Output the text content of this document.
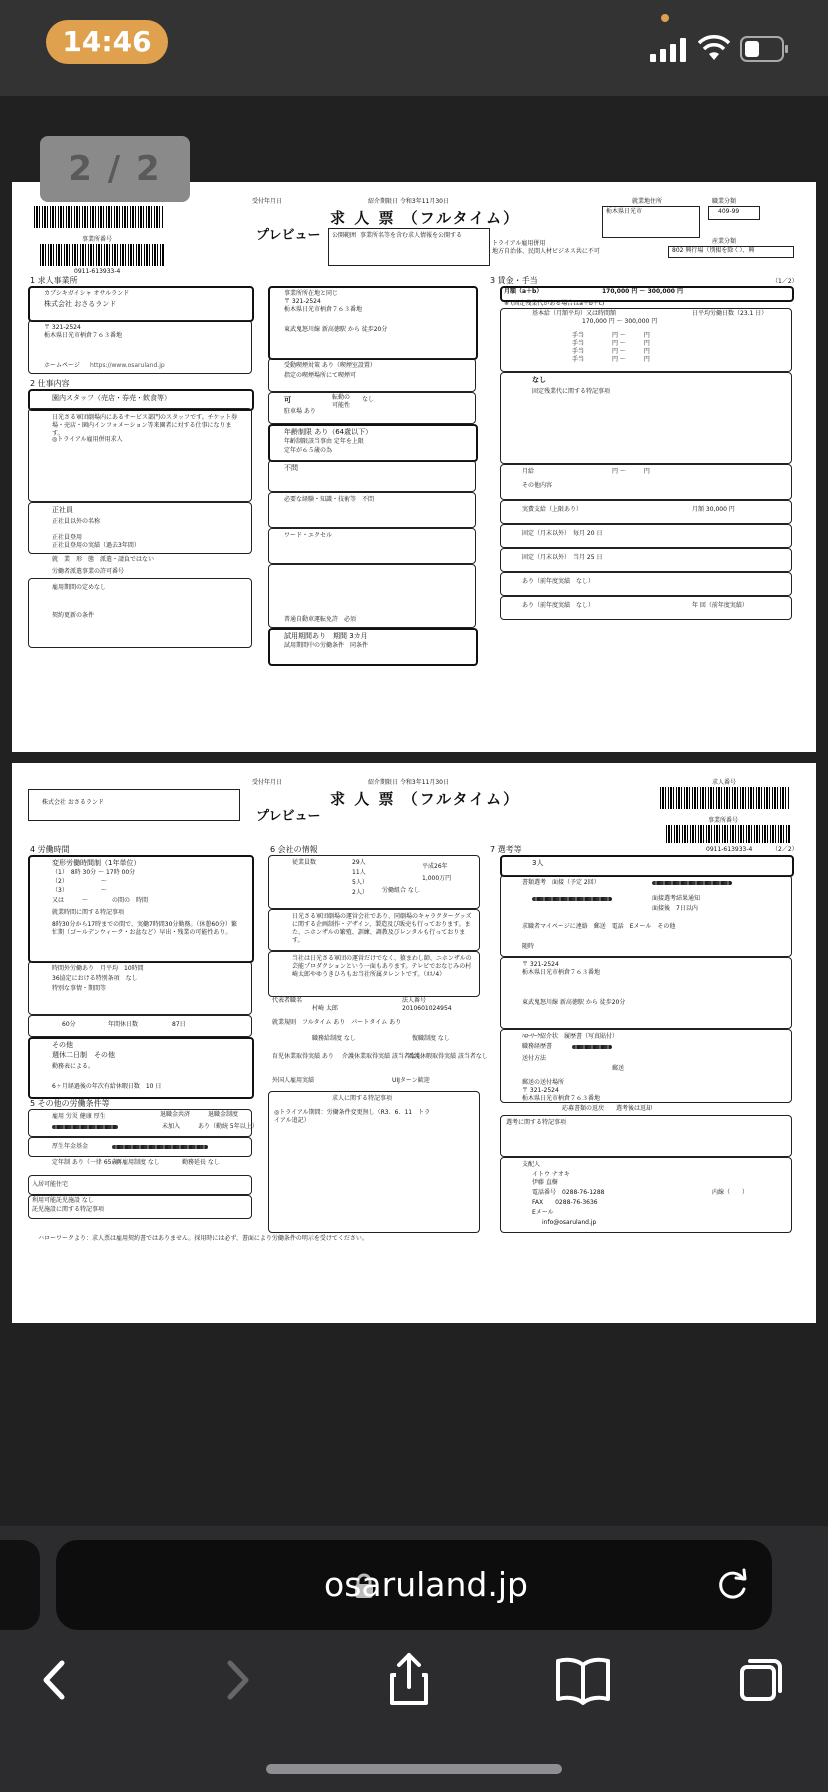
14:46
事業所番号
0911-613933-4
受付年月日	紹介期限日 令和3年11月30日
求 人 票 （フルタイム）
プレビュー 公開範囲 事業所名等を含む求人情報を公開する
トライアル雇用併用
地方自治体、民間人材ビジネス共に不可
就業地住所
栃木県日光市
職業分類
409-99
産業分類
802 興行場（別掲を除く）、興
1 求人事業所
カブシキガイシャ オサルランド
株式会社 おさるランド
〒 321-2524
栃木県日光市柄倉７６３番地
ホームページ https://www.osaruland.jp
2 仕事内容
園内スタッフ（売店・券売・飲食等）
日光さる軍団劇場内にあるサービス部門のスタッフです。チケット券場・売店・園内インフォメーション等来園者に対する仕事になります。
◎トライアル雇用併用求人
正社員
正社員以外の名称
正社員登用
正社員登用の実績（過去3年間）
就　業　形　態　派遣・請負ではない
労働者派遣事業の許可番号
雇用期間の定めなし
契約更新の条件
事業所所在地と同じ
〒 321-2524
栃木県日光市柄倉７６３番地
東武鬼怒川線 新高徳駅 から 徒歩20分
受動喫煙対策 あり（喫煙室設置）
指定の喫煙場所にて喫煙可
可
駐車場 あり
転勤の可能性
なし
年齢制限 あり（64歳以下）
年齢制限該当事由 定年を上限
定年が６５歳の為
不問
必要な経験・知識・技術等　不問
ワード・エクセル
普通自動車運転免許　必須
試用期間あり　期間 3カ月
試用期間中の労働条件　同条件
3 賃金・手当	（1／2）
月額（a＋b）	170,000 円 ～ 300,000 円
※ (固定残業代がある場合はa＋b＋c)
基本給（月額平均）又は時間額	日平均労働日数（23.1 日）
170,000 円 ～ 300,000 円
手当	円 ～　　　円
手当	円 ～　　　円
手当	円 ～　　　円
手当	円 ～　　　円
なし
固定残業代に関する特記事項
月給	円 ～　　　円
その他内容
実費支給（上限あり）	月額 30,000 円
固定（月末以外）　毎月 20 日
固定（月末以外）　当月 25 日
あり（前年度実績　なし）
あり（前年度実績　なし）	年 回（前年度実績）
株式会社 おさるランド
受付年月日	紹介期限日 令和3年11月30日
求 人 票 （フルタイム）
プレビュー
求人番号
事業所番号
0911-613933-4	（2／2）
4 労働時間
変形労働時間制（1年単位）
（1）　8時 30分 ～ 17時 00分
（2）　　　　　　～
（3）　　　　　　～
又は　　　～　　　　の間の　時間
就業時間に関する特記事項
8時30分から17時までの間で、実働7時間30分勤務。（休憩60分）繁忙期（ゴールデンウィーク・お盆など）早出・残業の可能性あり。
時間外労働あり　月平均　10時間
36協定における特別条項　なし
特別な事情・期間等
60分	年間休日数	87日
その他
週休二日制　その他
勤務表による。
6ヶ月経過後の年次有給休暇日数　10 日
5 その他の労働条件等
雇用 労災 健康 厚生	退職金共済	退職金制度
未加入	あり（勤続 5年以上）
厚生年金基金
定年制 あり（一律 65歳）
再雇用制度 なし	勤務延長 なし
入居可能住宅
利用可能託児施設 なし
託児施設に関する特記事項
6 会社の情報
従業員数	29人
11人
5人）
2人）
平成26年
1,000万円
労働組合 なし
日光さる軍団劇場の運営会社であり、同劇場のキャラクターグッズに関する企画制作・デザイン、製造及び販売も行っております。また、ニホンザルの繁殖、訓練、調教及びレンタルも行っております。
当社は日光さる軍団の運営だけでなく、猿まわし師、ニホンザルの芸能プロダクションという一面もあります。テレビでおなじみの村崎太郎やゆうきひろもお当社所属タレントです。（ﾇｽﾉ4）
代表者職名
村崎 太郎
法人番号
2010601024954
就業規則　フルタイム あり　パートタイム あり
職務給制度 なし	復職制度 なし
育児休業取得実績 あり 介護休業取得実績 該当者なし
看護休暇取得実績 該当者なし
外国人雇用実績	UIJターン歓迎
求人に関する特記事項
◎トライアル期間：労働条件変更無し（R3．6．11　トライアル追記）
7 選考等
3人
書類選考　面接（予定 2回）
面接選考結果通知
面接後　7日以内
求職者マイページに連絡　郵送　電話　Eメール　その他
随時
〒 321-2524
栃木県日光市柄倉７６３番地
東武鬼怒川線 新高徳駅 から 徒歩20分
ﾊﾛｰﾜｰｸ紹介状　履歴書（写真貼付）
職務経歴書
送付方法
郵送
郵送の送付場所
〒 321-2524
栃木県日光市柄倉７６３番地
応募書類の返戻　　選考後は返却
選考に関する特記事項
支配人
イトウ ナオキ
伊藤 直樹
電話番号　0288-76-1288	内線（　　）
FAX　　0288-76-3636
Eメール
info@osaruland.jp
ハローワークより：求人票は雇用契約書ではありません。採用時には必ず、書面により労働条件の明示を受けてください。
2 / 2
osaruland.jp
